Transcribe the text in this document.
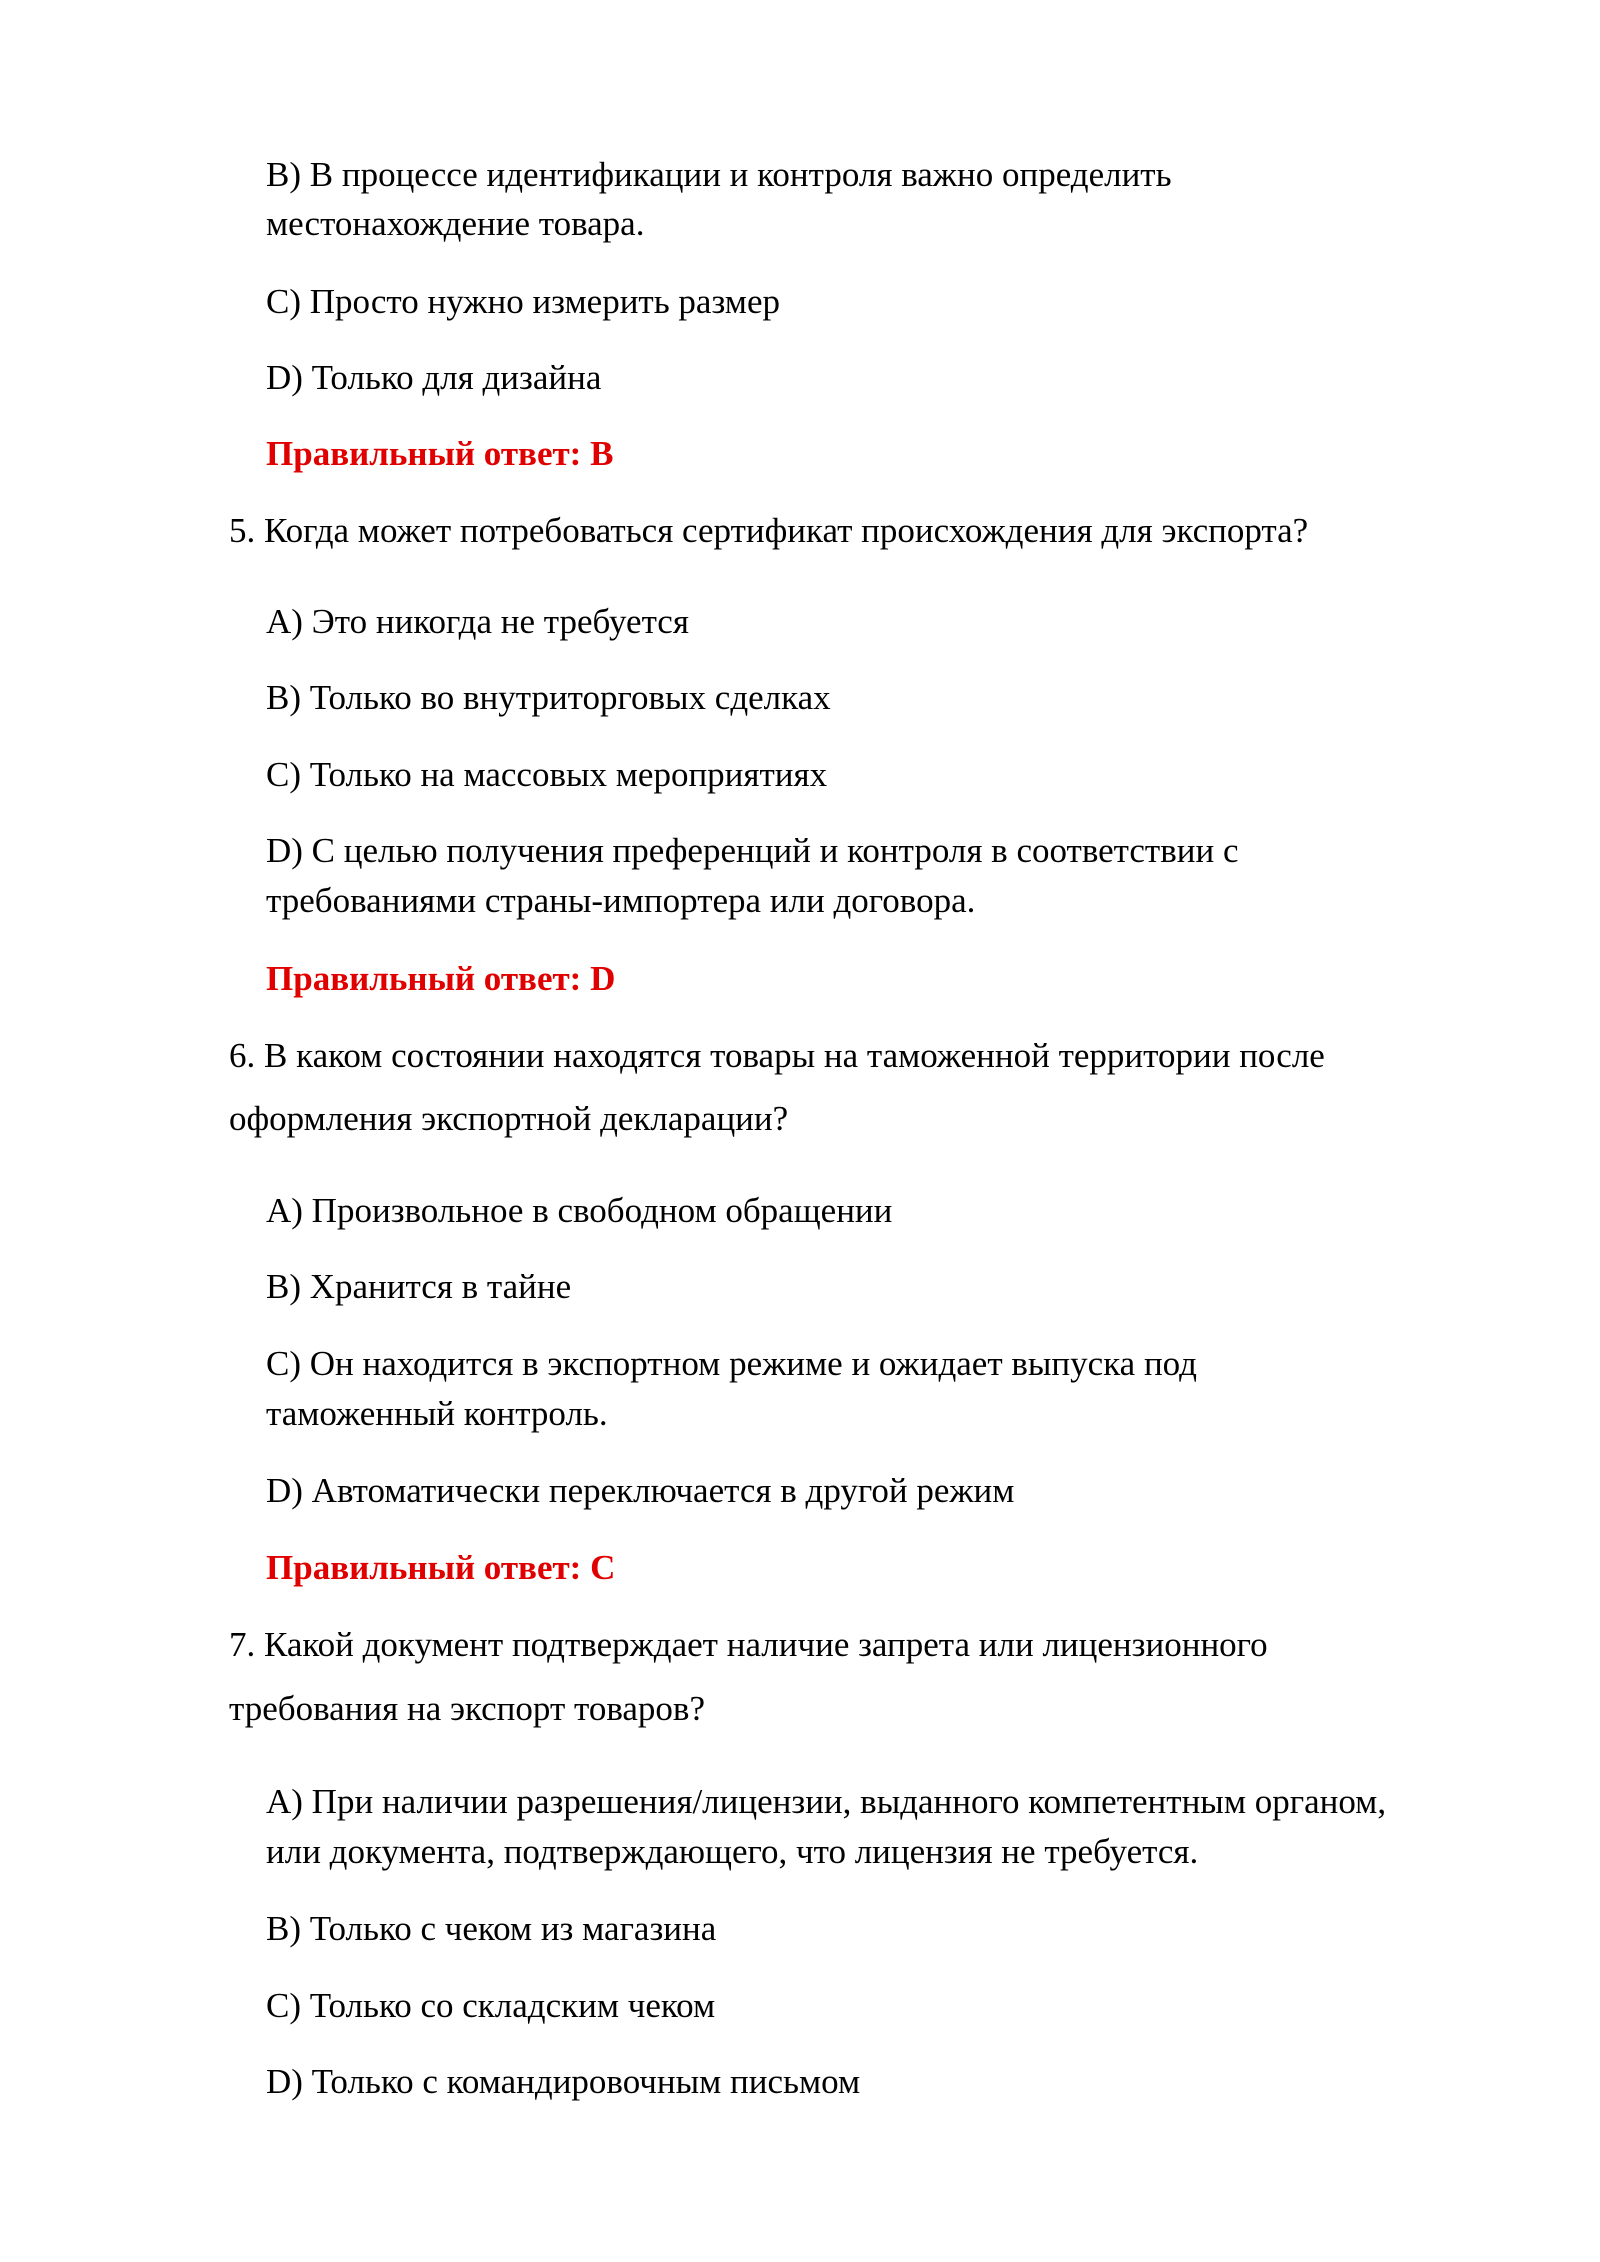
B) В процессе идентификации и контроля важно определить
местонахождение товара.
C) Просто нужно измерить размер
D) Только для дизайна
Правильный ответ: B
5. Когда может потребоваться сертификат происхождения для экспорта?
A) Это никогда не требуется
B) Только во внутриторговых сделках
C) Только на массовых мероприятиях
D) С целью получения преференций и контроля в соответствии с
требованиями страны-импортера или договора.
Правильный ответ: D
6. В каком состоянии находятся товары на таможенной территории после
оформления экспортной декларации?
A) Произвольное в свободном обращении
B) Хранится в тайне
C) Он находится в экспортном режиме и ожидает выпуска под
таможенный контроль.
D) Автоматически переключается в другой режим
Правильный ответ: C
7. Какой документ подтверждает наличие запрета или лицензионного
требования на экспорт товаров?
A) При наличии разрешения/лицензии, выданного компетентным органом,
или документа, подтверждающего, что лицензия не требуется.
B) Только с чеком из магазина
C) Только со складским чеком
D) Только с командировочным письмом
